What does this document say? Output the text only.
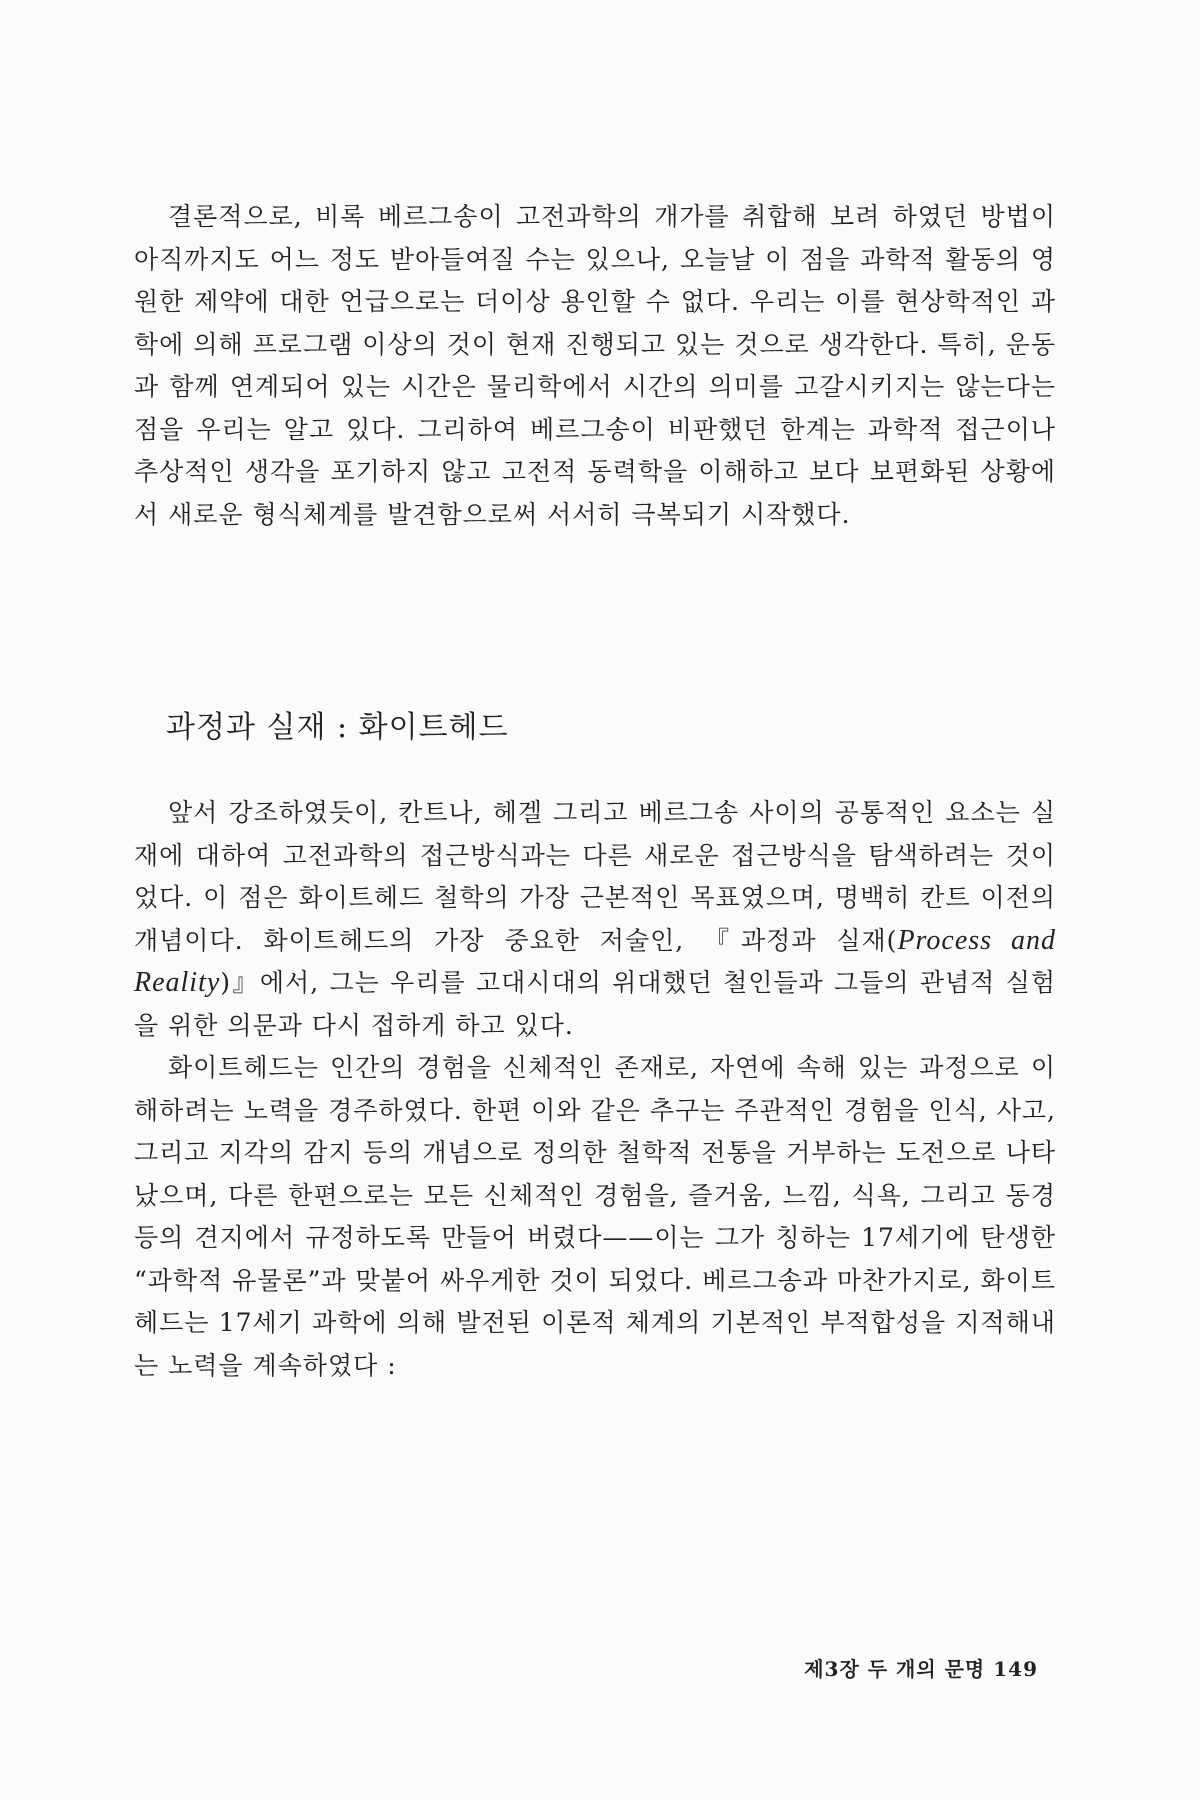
결론적으로, 비록 베르그송이 고전과학의 개가를 취합해 보려 하였던 방법이 아직까지도 어느 정도 받아들여질 수는 있으나, 오늘날 이 점을 과학적 활동의 영원한 제약에 대한 언급으로는 더이상 용인할 수 없다. 우리는 이를 현상학적인 과학에 의해 프로그램 이상의 것이 현재 진행되고 있는 것으로 생각한다. 특히, 운동과 함께 연계되어 있는 시간은 물리학에서 시간의 의미를 고갈시키지는 않는다는 점을 우리는 알고 있다. 그리하여 베르그송이 비판했던 한계는 과학적 접근이나 추상적인 생각을 포기하지 않고 고전적 동력학을 이해하고 보다 보편화된 상황에서 새로운 형식체계를 발견함으로써 서서히 극복되기 시작했다.

과정과 실재 : 화이트헤드

앞서 강조하였듯이, 칸트나, 헤겔 그리고 베르그송 사이의 공통적인 요소는 실재에 대하여 고전과학의 접근방식과는 다른 새로운 접근방식을 탐색하려는 것이었다. 이 점은 화이트헤드 철학의 가장 근본적인 목표였으며, 명백히 칸트 이전의 개념이다. 화이트헤드의 가장 중요한 저술인, 『과정과 실재(Process and Reality)』에서, 그는 우리를 고대시대의 위대했던 철인들과 그들의 관념적 실험을 위한 의문과 다시 접하게 하고 있다.

화이트헤드는 인간의 경험을 신체적인 존재로, 자연에 속해 있는 과정으로 이해하려는 노력을 경주하였다. 한편 이와 같은 추구는 주관적인 경험을 인식, 사고, 그리고 지각의 감지 등의 개념으로 정의한 철학적 전통을 거부하는 도전으로 나타났으며, 다른 한편으로는 모든 신체적인 경험을, 즐거움, 느낌, 식욕, 그리고 동경 등의 견지에서 규정하도록 만들어 버렸다——이는 그가 칭하는 17세기에 탄생한 “과학적 유물론”과 맞붙어 싸우게한 것이 되었다. 베르그송과 마찬가지로, 화이트헤드는 17세기 과학에 의해 발전된 이론적 체계의 기본적인 부적합성을 지적해내는 노력을 계속하였다 :

제3장 두 개의 문명 149
